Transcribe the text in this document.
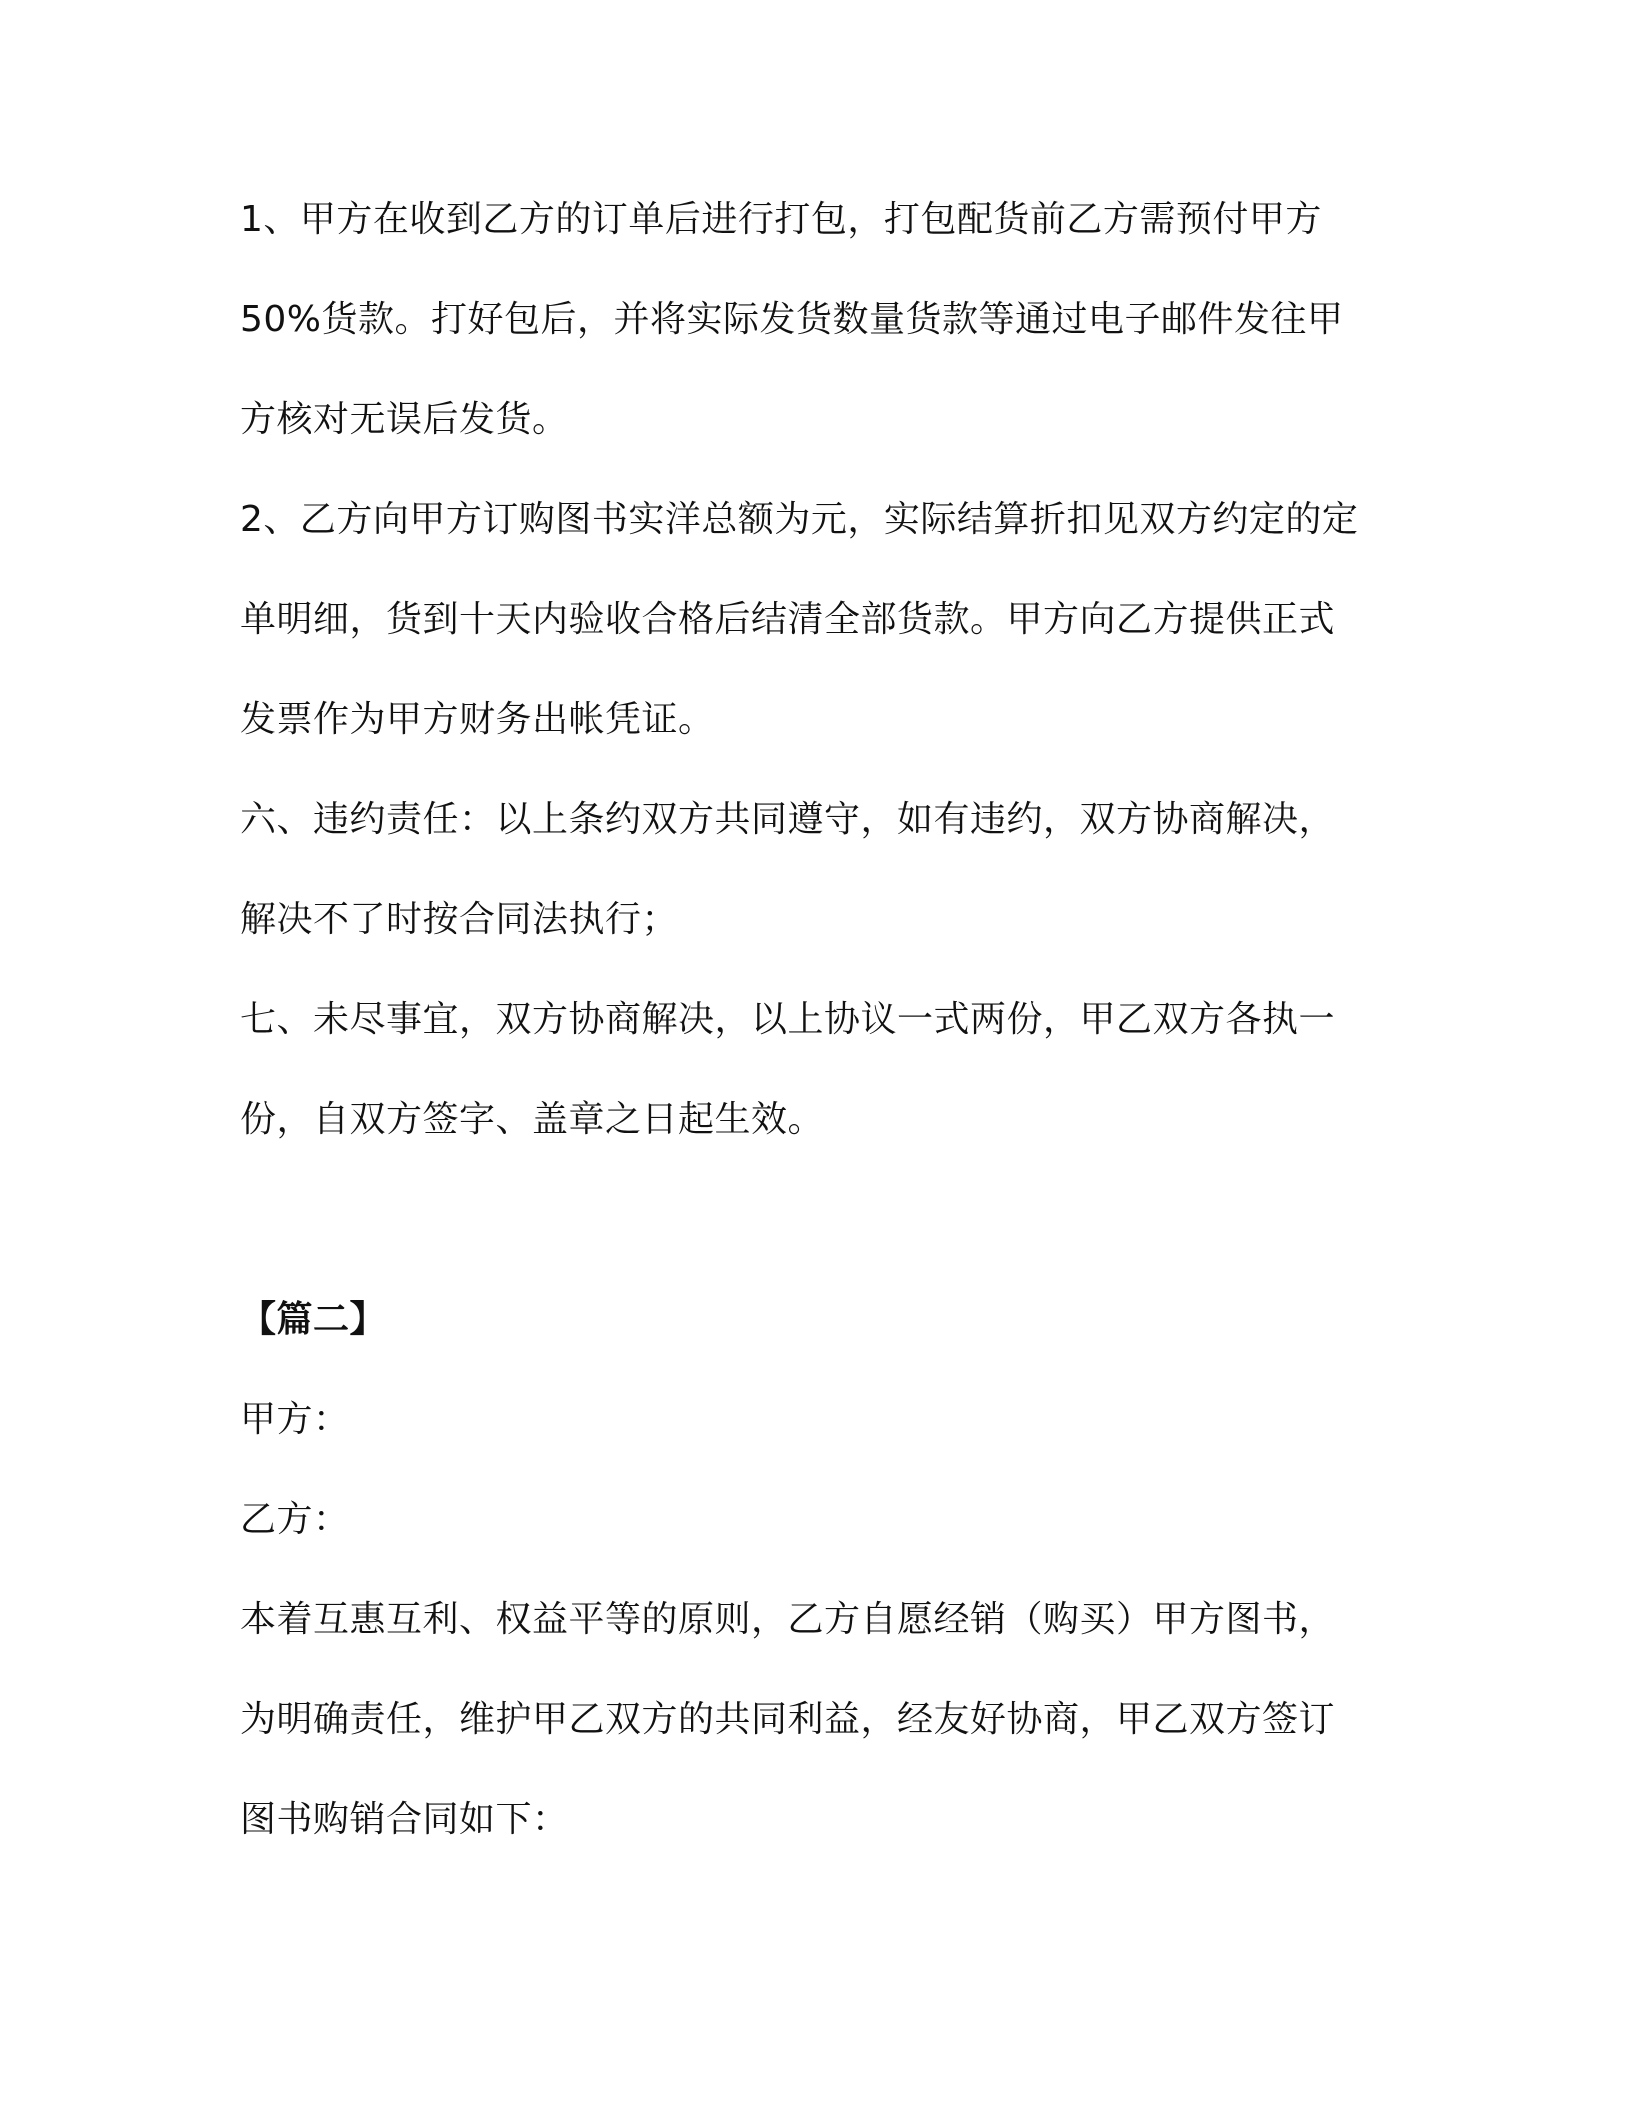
1、甲方在收到乙方的订单后进行打包，打包配货前乙方需预付甲方
50%货款。打好包后，并将实际发货数量货款等通过电子邮件发往甲
方核对无误后发货。
2、乙方向甲方订购图书实洋总额为元，实际结算折扣见双方约定的定
单明细，货到十天内验收合格后结清全部货款。甲方向乙方提供正式
发票作为甲方财务出帐凭证。
六、违约责任：以上条约双方共同遵守，如有违约，双方协商解决，
解决不了时按合同法执行；
七、未尽事宜，双方协商解决，以上协议一式两份，甲乙双方各执一
份，自双方签字、盖章之日起生效。
【篇二】
甲方：
乙方：
本着互惠互利、权益平等的原则，乙方自愿经销（购买）甲方图书，
为明确责任，维护甲乙双方的共同利益，经友好协商，甲乙双方签订
图书购销合同如下：
